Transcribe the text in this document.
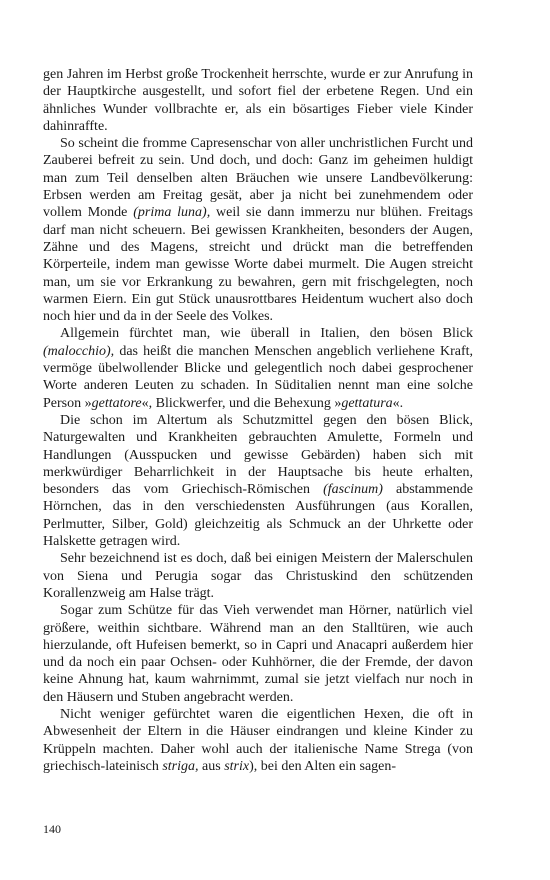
gen Jahren im Herbst große Trockenheit herrschte, wurde er zur Anrufung in der Hauptkirche ausgestellt, und sofort fiel der erbetene Regen. Und ein ähnliches Wunder vollbrachte er, als ein bösartiges Fieber viele Kinder dahinraffte.

So scheint die fromme Capresenschar von aller unchristlichen Furcht und Zauberei befreit zu sein. Und doch, und doch: Ganz im geheimen huldigt man zum Teil denselben alten Bräuchen wie unsere Landbevölkerung: Erbsen werden am Freitag gesät, aber ja nicht bei zunehmendem oder vollem Monde (prima luna), weil sie dann immerzu nur blühen. Freitags darf man nicht scheuern. Bei gewissen Krankheiten, besonders der Augen, Zähne und des Magens, streicht und drückt man die betreffenden Körperteile, indem man gewisse Worte dabei murmelt. Die Augen streicht man, um sie vor Erkrankung zu bewahren, gern mit frischgelegten, noch warmen Eiern. Ein gut Stück unausrottbares Heidentum wuchert also doch noch hier und da in der Seele des Volkes.

Allgemein fürchtet man, wie überall in Italien, den bösen Blick (malocchio), das heißt die manchen Menschen angeblich verliehene Kraft, vermöge übelwollender Blicke und gelegentlich noch dabei gesprochener Worte anderen Leuten zu schaden. In Süditalien nennt man eine solche Person »gettatore«, Blickwerfer, und die Behexung »gettatura«.

Die schon im Altertum als Schutzmittel gegen den bösen Blick, Naturgewalten und Krankheiten gebrauchten Amulette, Formeln und Handlungen (Ausspucken und gewisse Gebärden) haben sich mit merkwürdiger Beharrlichkeit in der Hauptsache bis heute erhalten, besonders das vom Griechisch-Römischen (fascinum) abstammende Hörnchen, das in den verschiedensten Ausführungen (aus Korallen, Perlmutter, Silber, Gold) gleichzeitig als Schmuck an der Uhrkette oder Halskette getragen wird.

Sehr bezeichnend ist es doch, daß bei einigen Meistern der Malerschulen von Siena und Perugia sogar das Christuskind den schützenden Korallenzweig am Halse trägt.

Sogar zum Schütze für das Vieh verwendet man Hörner, natürlich viel größere, weithin sichtbare. Während man an den Stalltüren, wie auch hierzulande, oft Hufeisen bemerkt, so in Capri und Anacapri außerdem hier und da noch ein paar Ochsen- oder Kuhhörner, die der Fremde, der davon keine Ahnung hat, kaum wahrnimmt, zumal sie jetzt vielfach nur noch in den Häusern und Stuben angebracht werden.

Nicht weniger gefürchtet waren die eigentlichen Hexen, die oft in Abwesenheit der Eltern in die Häuser eindrangen und kleine Kinder zu Krüppeln machten. Daher wohl auch der italienische Name Strega (von griechisch-lateinisch striga, aus strix), bei den Alten ein sagen-

140
